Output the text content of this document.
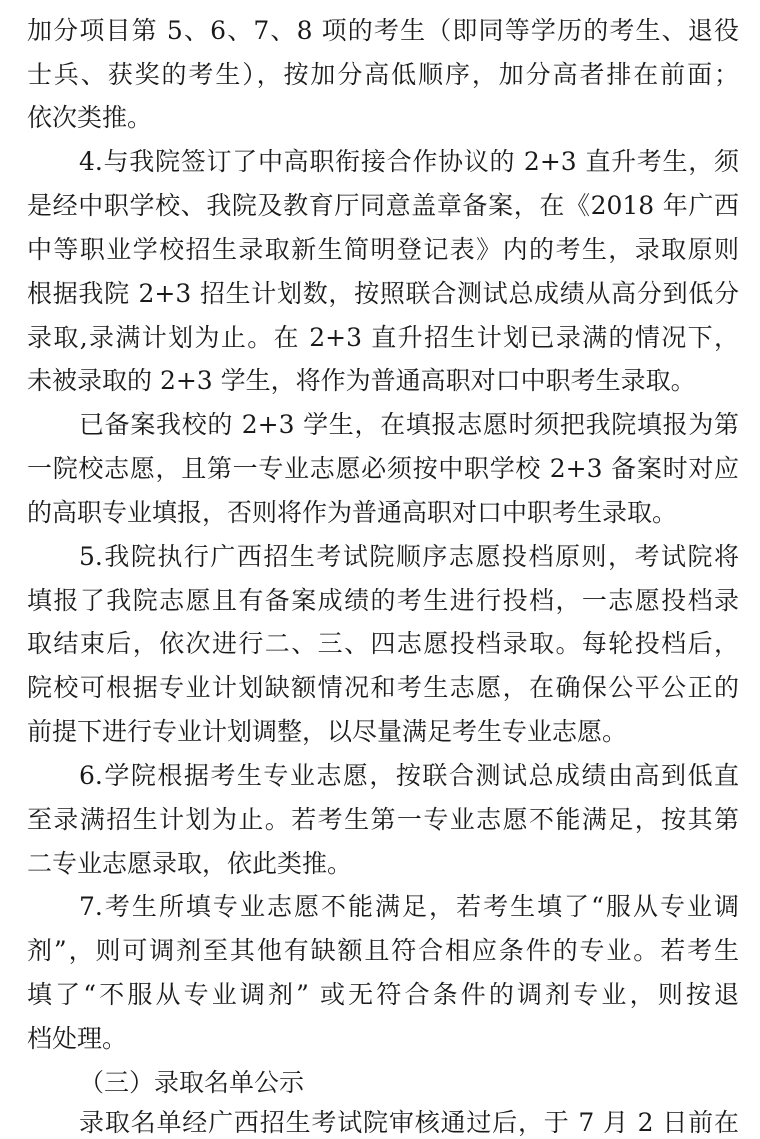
加分项目第 5、6、7、8 项的考生（即同等学历的考生、退役
士兵、获奖的考生），按加分高低顺序，加分高者排在前面；
依次类推。
4.与我院签订了中高职衔接合作协议的 2+3 直升考生，须
是经中职学校、我院及教育厅同意盖章备案，在《2018 年广西
中等职业学校招生录取新生简明登记表》内的考生，录取原则
根据我院 2+3 招生计划数，按照联合测试总成绩从高分到低分
录取,录满计划为止。在 2+3 直升招生计划已录满的情况下，
未被录取的 2+3 学生，将作为普通高职对口中职考生录取。
已备案我校的 2+3 学生，在填报志愿时须把我院填报为第
一院校志愿，且第一专业志愿必须按中职学校 2+3 备案时对应
的高职专业填报，否则将作为普通高职对口中职考生录取。
5.我院执行广西招生考试院顺序志愿投档原则，考试院将
填报了我院志愿且有备案成绩的考生进行投档，一志愿投档录
取结束后，依次进行二、三、四志愿投档录取。每轮投档后，
院校可根据专业计划缺额情况和考生志愿，在确保公平公正的
前提下进行专业计划调整，以尽量满足考生专业志愿。
6.学院根据考生专业志愿，按联合测试总成绩由高到低直
至录满招生计划为止。若考生第一专业志愿不能满足，按其第
二专业志愿录取，依此类推。
7.考生所填专业志愿不能满足，若考生填了“服从专业调
剂”，则可调剂至其他有缺额且符合相应条件的专业。若考生
填了“不服从专业调剂” 或无符合条件的调剂专业，则按退
档处理。
（三）录取名单公示
录取名单经广西招生考试院审核通过后，于 7 月 2 日前在
